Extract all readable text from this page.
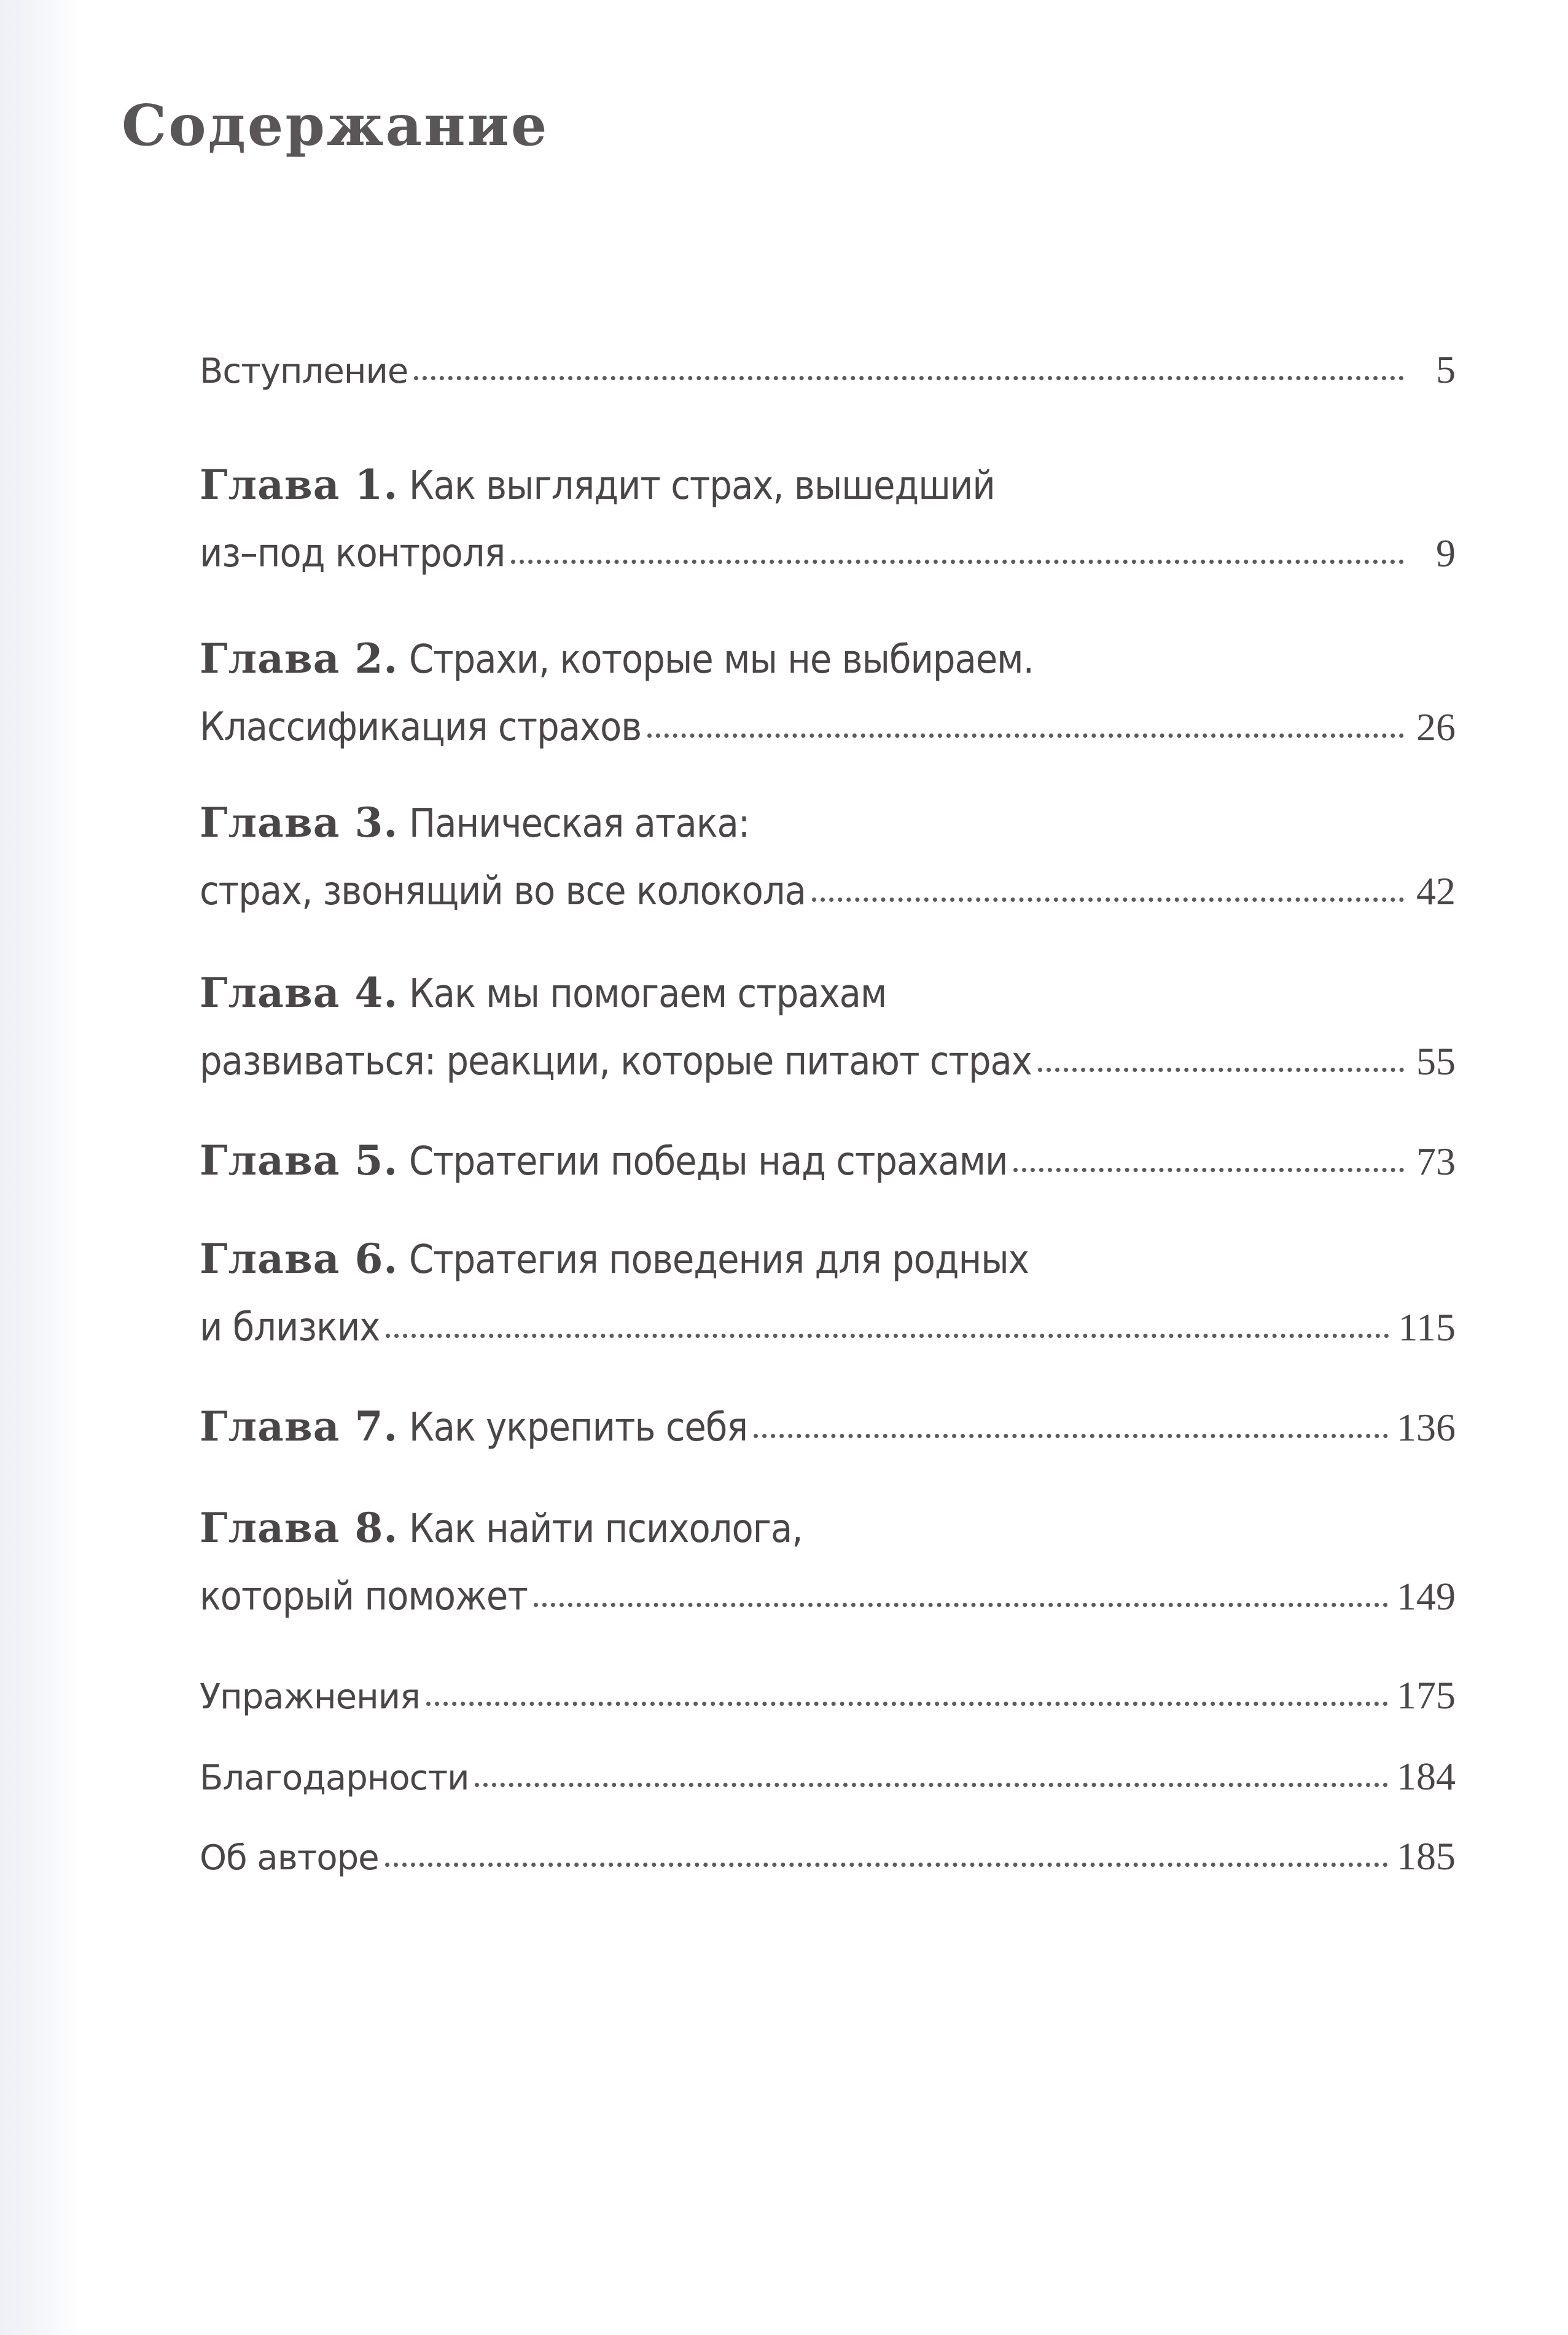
Содержание
Вступление	5
Глава 1. Как выглядит страх, вышедший
из–под контроля	9
Глава 2. Страхи, которые мы не выбираем.
Классификация страхов	26
Глава 3. Паническая атака:
страх, звонящий во все колокола	42
Глава 4. Как мы помогаем страхам
развиваться: реакции, которые питают страх	55
Глава 5. Стратегии победы над страхами	73
Глава 6. Стратегия поведения для родных
и близких	115
Глава 7. Как укрепить себя	136
Глава 8. Как найти психолога,
который поможет	149
Упражнения	175
Благодарности	184
Об авторе	185
